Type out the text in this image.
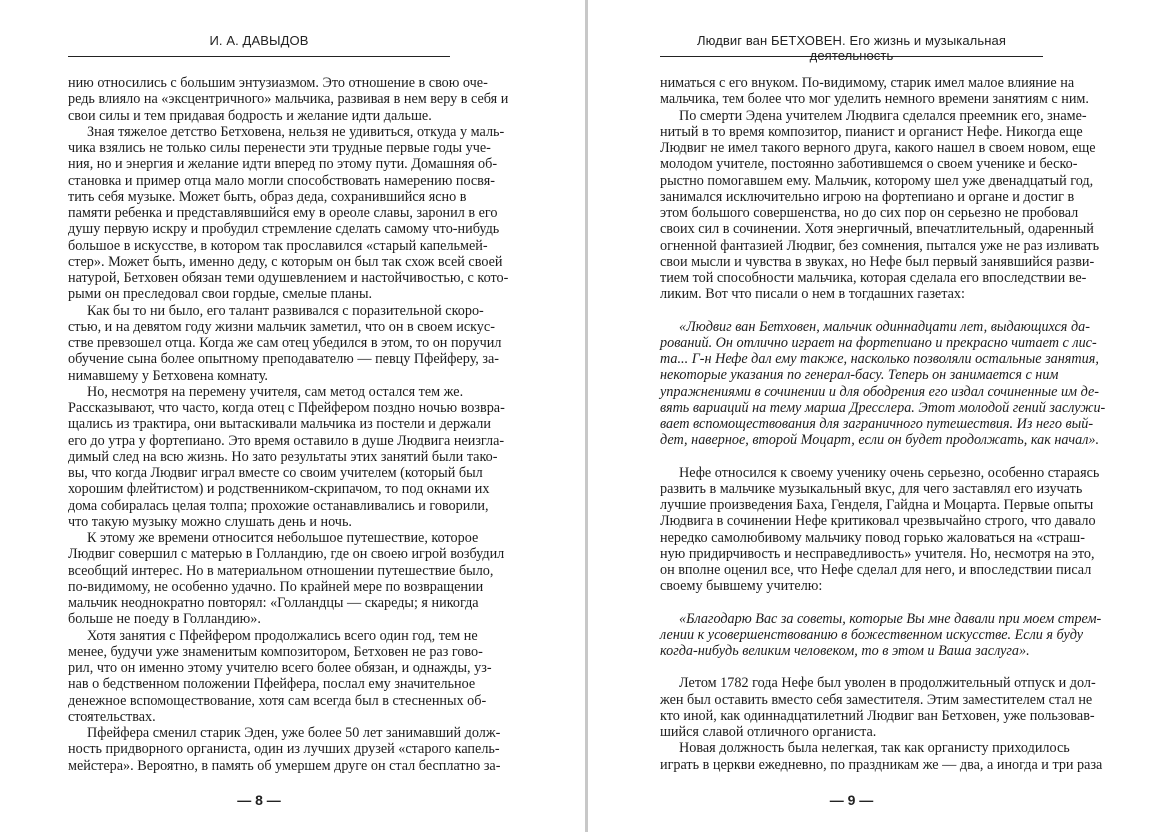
И. А. ДАВЫДОВ
нию относились с большим энтузиазмом. Это отношение в свою оче-
редь влияло на «эксцентричного» мальчика, развивая в нем веру в себя и
свои силы и тем придавая бодрость и желание идти дальше.
Зная тяжелое детство Бетховена, нельзя не удивиться, откуда у маль-
чика взялись не только силы перенести эти трудные первые годы уче-
ния, но и энергия и желание идти вперед по этому пути. Домашняя об-
становка и пример отца мало могли способствовать намерению посвя-
тить себя музыке. Может быть, образ деда, сохранившийся ясно в
памяти ребенка и представлявшийся ему в ореоле славы, заронил в его
душу первую искру и пробудил стремление сделать самому что-нибудь
большое в искусстве, в котором так прославился «старый капельмей-
стер». Может быть, именно деду, с которым он был так схож всей своей
натурой, Бетховен обязан теми одушевлением и настойчивостью, с кото-
рыми он преследовал свои гордые, смелые планы.
Как бы то ни было, его талант развивался с поразительной скоро-
стью, и на девятом году жизни мальчик заметил, что он в своем искус-
стве превзошел отца. Когда же сам отец убедился в этом, то он поручил
обучение сына более опытному преподавателю — певцу Пфейферу, за-
нимавшему у Бетховена комнату.
Но, несмотря на перемену учителя, сам метод остался тем же.
Рассказывают, что часто, когда отец с Пфейфером поздно ночью возвра-
щались из трактира, они вытаскивали мальчика из постели и держали
его до утра у фортепиано. Это время оставило в душе Людвига неизгла-
димый след на всю жизнь. Но зато результаты этих занятий были тако-
вы, что когда Людвиг играл вместе со своим учителем (который был
хорошим флейтистом) и родственником-скрипачом, то под окнами их
дома собиралась целая толпа; прохожие останавливались и говорили,
что такую музыку можно слушать день и ночь.
К этому же времени относится небольшое путешествие, которое
Людвиг совершил с матерью в Голландию, где он своею игрой возбудил
всеобщий интерес. Но в материальном отношении путешествие было,
по-видимому, не особенно удачно. По крайней мере по возвращении
мальчик неоднократно повторял: «Голландцы — скареды; я никогда
больше не поеду в Голландию».
Хотя занятия с Пфейфером продолжались всего один год, тем не
менее, будучи уже знаменитым композитором, Бетховен не раз гово-
рил, что он именно этому учителю всего более обязан, и однажды, уз-
нав о бедственном положении Пфейфера, послал ему значительное
денежное вспомоществование, хотя сам всегда был в стесненных об-
стоятельствах.
Пфейфера сменил старик Эден, уже более 50 лет занимавший долж-
ность придворного органиста, один из лучших друзей «старого капель-
мейстера». Вероятно, в память об умершем друге он стал бесплатно за-
— 8 —
Людвиг ван БЕТХОВЕН. Его жизнь и музыкальная деятельность
ниматься с его внуком. По-видимому, старик имел малое влияние на
мальчика, тем более что мог уделить немного времени занятиям с ним.
По смерти Эдена учителем Людвига сделался преемник его, знаме-
нитый в то время композитор, пианист и органист Нефе. Никогда еще
Людвиг не имел такого верного друга, какого нашел в своем новом, еще
молодом учителе, постоянно заботившемся о своем ученике и беско-
рыстно помогавшем ему. Мальчик, которому шел уже двенадцатый год,
занимался исключительно игрою на фортепиано и органе и достиг в
этом большого совершенства, но до сих пор он серьезно не пробовал
своих сил в сочинении. Хотя энергичный, впечатлительный, одаренный
огненной фантазией Людвиг, без сомнения, пытался уже не раз изливать
свои мысли и чувства в звуках, но Нефе был первый занявшийся разви-
тием той способности мальчика, которая сделала его впоследствии ве-
ликим. Вот что писали о нем в тогдашних газетах:
«Людвиг ван Бетховен, мальчик одиннадцати лет, выдающихся да-
рований. Он отлично играет на фортепиано и прекрасно читает с лис-
та... Г-н Нефе дал ему также, насколько позволяли остальные занятия,
некоторые указания по генерал-басу. Теперь он занимается с ним
упражнениями в сочинении и для ободрения его издал сочиненные им де-
вять вариаций на тему марша Дресслера. Этот молодой гений заслужи-
вает вспомоществования для заграничного путешествия. Из него вый-
дет, наверное, второй Моцарт, если он будет продолжать, как начал».
Нефе относился к своему ученику очень серьезно, особенно стараясь
развить в мальчике музыкальный вкус, для чего заставлял его изучать
лучшие произведения Баха, Генделя, Гайдна и Моцарта. Первые опыты
Людвига в сочинении Нефе критиковал чрезвычайно строго, что давало
нередко самолюбивому мальчику повод горько жаловаться на «страш-
ную придирчивость и несправедливость» учителя. Но, несмотря на это,
он вполне оценил все, что Нефе сделал для него, и впоследствии писал
своему бывшему учителю:
«Благодарю Вас за советы, которые Вы мне давали при моем стрем-
лении к усовершенствованию в божественном искусстве. Если я буду
когда-нибудь великим человеком, то в этом и Ваша заслуга».
Летом 1782 года Нефе был уволен в продолжительный отпуск и дол-
жен был оставить вместо себя заместителя. Этим заместителем стал не
кто иной, как одиннадцатилетний Людвиг ван Бетховен, уже пользовав-
шийся славой отличного органиста.
Новая должность была нелегкая, так как органисту приходилось
играть в церкви ежедневно, по праздникам же — два, а иногда и три раза
— 9 —
